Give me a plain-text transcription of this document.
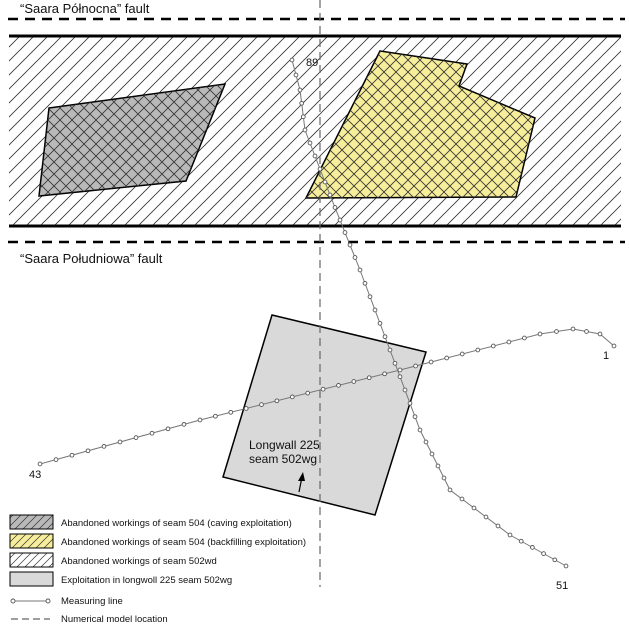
“Saara Północna” fault
“Saara Południowa” fault
Longwall 225
seam 502wg
89
1
43
51
Abandoned workings of seam 504 (caving exploitation)
Abandoned workings of seam 504 (backfilling exploitation)
Abandoned workings of seam 502wd
Exploitation in longwoll 225 seam 502wg
Measuring line
Numerical model location
